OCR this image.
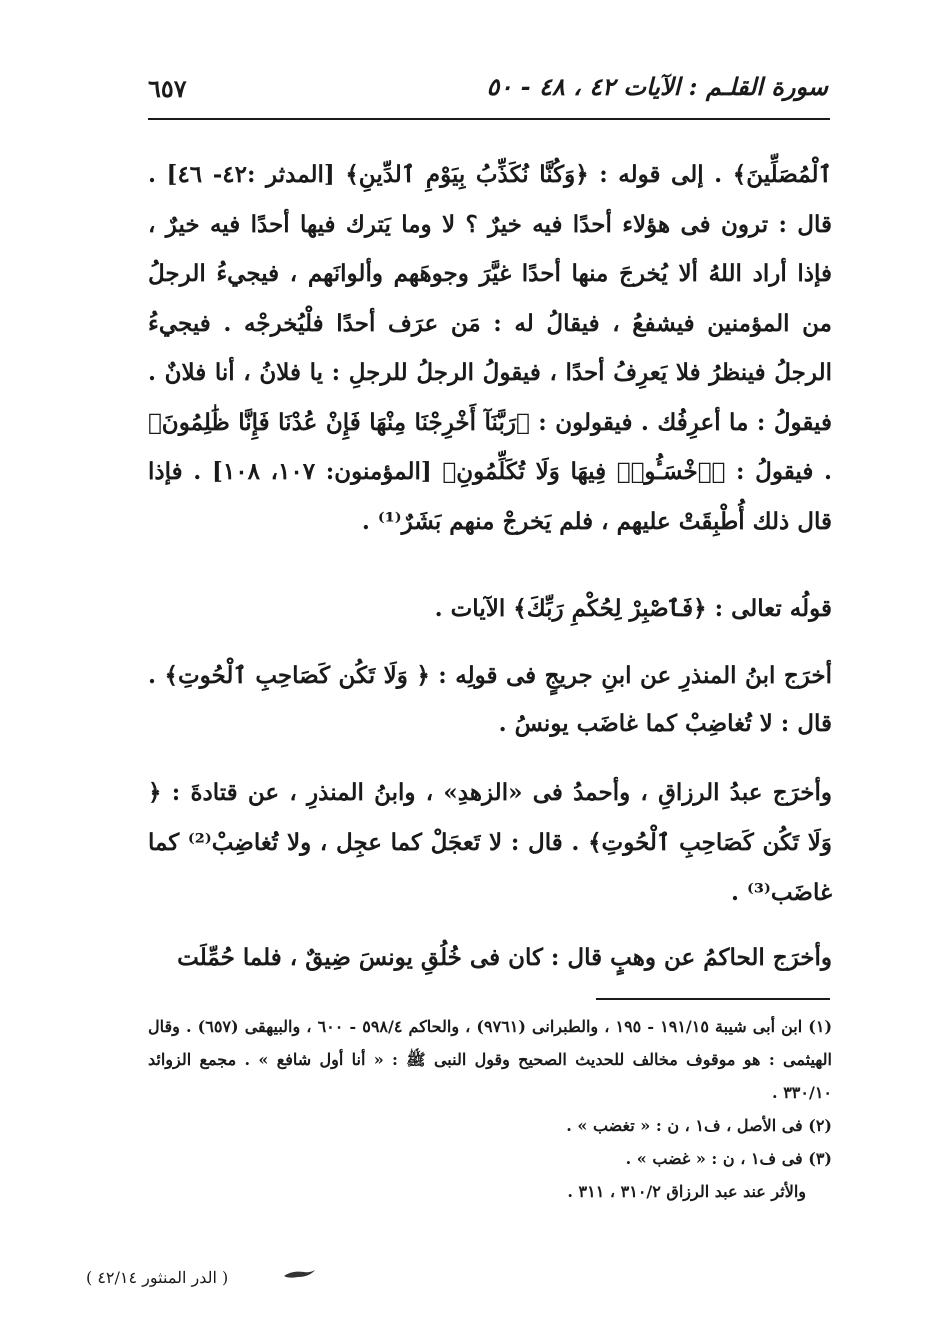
٦٥٧	سورة القلـم : الآيات ٤٢ ، ٤٨ - ٥٠

ٱلْمُصَلِّينَ﴾ . إلى قوله : ﴿وَكُنَّا نُكَذِّبُ بِيَوْمِ ٱلدِّينِ﴾ [المدثر :٤٢- ٤٦] . قال : ترون فى هؤلاء أحدًا فيه خيرٌ ؟ لا وما يَترك فيها أحدًا فيه خيرٌ ، فإذا أراد اللهُ ألا يُخرجَ منها أحدًا غيَّرَ وجوهَهم وألوانَهم ، فيجيءُ الرجلُ من المؤمنين فيشفعُ ، فيقالُ له : مَن عرَف أحدًا فلْيُخرجْه . فيجيءُ الرجلُ فينظرُ فلا يَعرِفُ أحدًا ، فيقولُ الرجلُ للرجلِ : يا فلانُ ، أنا فلانٌ . فيقولُ : ما أعرِفُك . فيقولون : ﴿رَبَّنَآ أَخْرِجْنَا مِنْهَا فَإِنْ عُدْنَا فَإِنَّا ظَٰلِمُونَ﴾ . فيقولُ : ﴿ٱخْسَـُٔوا۟ فِيهَا وَلَا تُكَلِّمُونِ﴾ [المؤمنون: ١٠٧، ١٠٨] . فإذا قال ذلك أُطْبِقَتْ عليهم ، فلم يَخرجْ منهم بَشَرٌ⁽¹⁾ .

قولُه تعالى : ﴿فَٱصْبِرْ لِحُكْمِ رَبِّكَ﴾ الآيات .

أخرَج ابنُ المنذرِ عن ابنِ جريجٍ فى قولِه : ﴿ وَلَا تَكُن كَصَاحِبِ ٱلْحُوتِ﴾ . قال : لا تُغاضِبْ كما غاضَب يونسُ .

وأخرَج عبدُ الرزاقِ ، وأحمدُ فى «الزهدِ» ، وابنُ المنذرِ ، عن قتادةَ : ﴿ وَلَا تَكُن كَصَاحِبِ ٱلْحُوتِ﴾ . قال : لا تَعجَلْ كما عجِل ، ولا تُغاضِبْ⁽²⁾ كما غاضَب⁽³⁾ .

وأخرَج الحاكمُ عن وهبٍ قال : كان فى خُلُقِ يونسَ ضِيقٌ ، فلما حُمِّلَت

(١) ابن أبى شيبة ١٩١/١٥ - ١٩٥ ، والطبرانى (٩٧٦١) ، والحاكم ٥٩٨/٤ - ٦٠٠ ، والبيهقى (٦٥٧) . وقال الهيثمى : هو موقوف مخالف للحديث الصحيح وقول النبى ﷺ : « أنا أول شافع » . مجمع الزوائد ٣٣٠/١٠ .

(٢) فى الأصل ، ف١ ، ن : « تغضب » .

(٣) فى ف١ ، ن : « غضب » .

والأثر عند عبد الرزاق ٣١٠/٢ ، ٣١١ .

( الدر المنثور ٤٢/١٤ )
